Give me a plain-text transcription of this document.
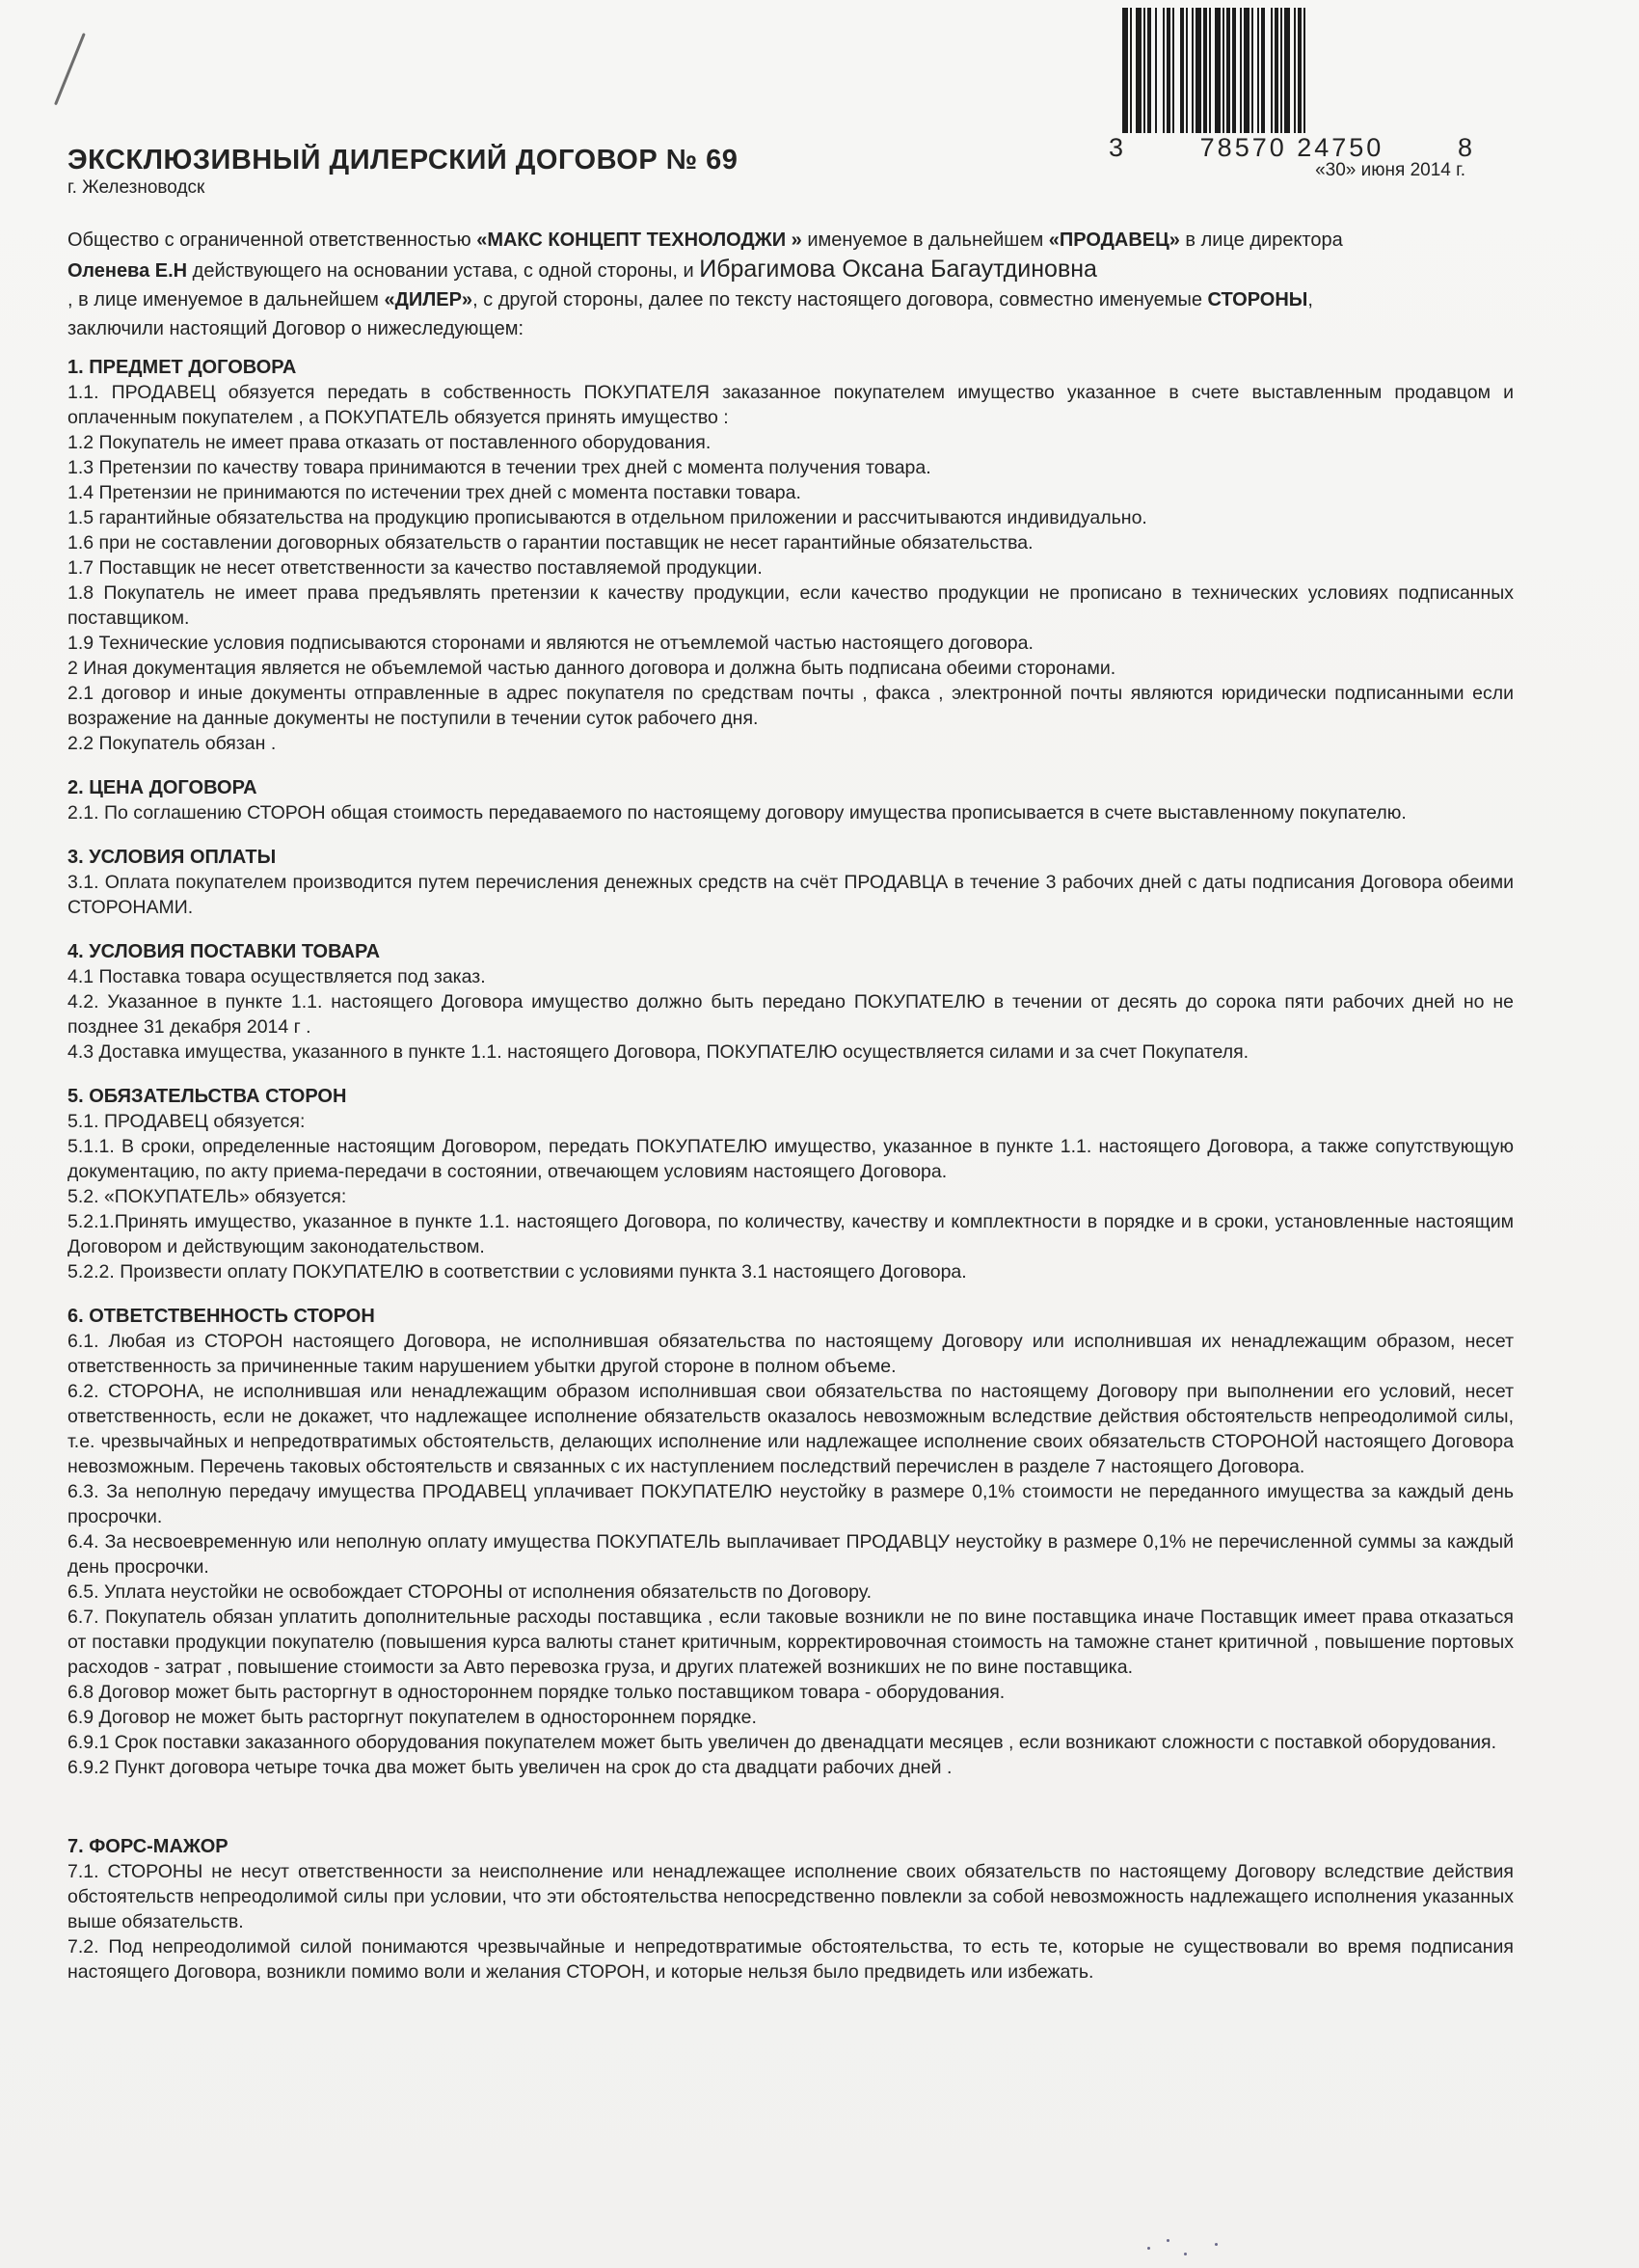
3	78570 24750	8
ЭКСКЛЮЗИВНЫЙ ДИЛЕРСКИЙ ДОГОВОР № 69
г. Железноводск
«30» июня 2014 г.
Общество с ограниченной ответственностью «МАКС КОНЦЕПТ ТЕХНОЛОДЖИ » именуемое в дальнейшем «ПРОДАВЕЦ» в лице директора
Оленева Е.Н действующего на основании устава, с одной стороны, и Ибрагимова Оксана Багаутдиновна
, в лице именуемое в дальнейшем «ДИЛЕР», с другой стороны, далее по тексту настоящего договора, совместно именуемые СТОРОНЫ,
заключили настоящий Договор о нижеследующем:
1. ПРЕДМЕТ ДОГОВОРА

1.1. ПРОДАВЕЦ обязуется передать в собственность ПОКУПАТЕЛЯ заказанное покупателем имущество указанное в счете выставленным продавцом и оплаченным покупателем , а ПОКУПАТЕЛЬ обязуется принять имущество :

1.2 Покупатель не имеет права отказать от поставленного оборудования.

1.3 Претензии по качеству товара принимаются в течении трех дней с момента получения товара.

1.4 Претензии не принимаются по истечении трех дней с момента поставки товара.

1.5 гарантийные обязательства на продукцию прописываются в отдельном приложении и рассчитываются индивидуально.

1.6 при не составлении договорных обязательств о гарантии поставщик не несет гарантийные обязательства.

1.7 Поставщик не несет ответственности за качество поставляемой продукции.

1.8 Покупатель не имеет права предъявлять претензии к качеству продукции, если качество продукции не прописано в технических условиях подписанных поставщиком.

1.9 Технические условия подписываются сторонами и являются не отъемлемой частью настоящего договора.

2 Иная документация является не объемлемой частью данного договора и должна быть подписана обеими сторонами.

2.1 договор и иные документы отправленные в адрес покупателя по средствам почты , факса , электронной почты являются юридически подписанными если возражение на данные документы не поступили в течении суток рабочего дня.

2.2 Покупатель обязан .

2. ЦЕНА ДОГОВОРА

2.1. По соглашению СТОРОН общая стоимость передаваемого по настоящему договору имущества прописывается в счете выставленному покупателю.

3. УСЛОВИЯ ОПЛАТЫ

3.1. Оплата покупателем производится путем перечисления денежных средств на счёт ПРОДАВЦА в течение 3 рабочих дней с даты подписания Договора обеими СТОРОНАМИ.

4. УСЛОВИЯ ПОСТАВКИ ТОВАРА

4.1 Поставка товара осуществляется под заказ.

4.2. Указанное в пункте 1.1. настоящего Договора имущество должно быть передано ПОКУПАТЕЛЮ в течении от десять до сорока пяти рабочих дней но не позднее 31 декабря 2014 г .

4.3 Доставка имущества, указанного в пункте 1.1. настоящего Договора, ПОКУПАТЕЛЮ осуществляется силами и за счет Покупателя.

5. ОБЯЗАТЕЛЬСТВА СТОРОН

5.1. ПРОДАВЕЦ обязуется:

5.1.1. В сроки, определенные настоящим Договором, передать ПОКУПАТЕЛЮ имущество, указанное в пункте 1.1. настоящего Договора, а также сопутствующую документацию, по акту приема-передачи в состоянии, отвечающем условиям настоящего Договора.

5.2. «ПОКУПАТЕЛЬ» обязуется:

5.2.1.Принять имущество, указанное в пункте 1.1. настоящего Договора, по количеству, качеству и комплектности в порядке и в сроки, установленные настоящим Договором и действующим законодательством.

5.2.2. Произвести оплату ПОКУПАТЕЛЮ в соответствии с условиями пункта 3.1 настоящего Договора.

6. ОТВЕТСТВЕННОСТЬ СТОРОН

6.1. Любая из СТОРОН настоящего Договора, не исполнившая обязательства по настоящему Договору или исполнившая их ненадлежащим образом, несет ответственность за причиненные таким нарушением убытки другой стороне в полном объеме.

6.2. СТОРОНА, не исполнившая или ненадлежащим образом исполнившая свои обязательства по настоящему Договору при выполнении его условий, несет ответственность, если не докажет, что надлежащее исполнение обязательств оказалось невозможным вследствие действия обстоятельств непреодолимой силы, т.е. чрезвычайных и непредотвратимых обстоятельств, делающих исполнение или надлежащее исполнение своих обязательств СТОРОНОЙ настоящего Договора невозможным. Перечень таковых обстоятельств и связанных с их наступлением последствий перечислен в разделе 7 настоящего Договора.

6.3. За неполную передачу имущества ПРОДАВЕЦ уплачивает ПОКУПАТЕЛЮ неустойку в размере 0,1% стоимости не переданного имущества за каждый день просрочки.

6.4. За несвоевременную или неполную оплату имущества ПОКУПАТЕЛЬ выплачивает ПРОДАВЦУ неустойку в размере 0,1% не перечисленной суммы за каждый день просрочки.

6.5. Уплата неустойки не освобождает СТОРОНЫ от исполнения обязательств по Договору.

6.7. Покупатель обязан уплатить дополнительные расходы поставщика , если таковые возникли не по вине поставщика иначе Поставщик имеет права отказаться от поставки продукции покупателю (повышения курса валюты станет критичным, корректировочная стоимость на таможне станет критичной , повышение портовых расходов - затрат , повышение стоимости за Авто перевозка груза, и других платежей возникших не по вине поставщика.

6.8 Договор может быть расторгнут в одностороннем порядке только поставщиком товара - оборудования.

6.9 Договор не может быть расторгнут покупателем в одностороннем порядке.

6.9.1 Срок поставки заказанного оборудования покупателем может быть увеличен до двенадцати месяцев , если возникают сложности с поставкой оборудования.

6.9.2 Пункт договора четыре точка два может быть увеличен на срок до ста двадцати рабочих дней .

7. ФОРС-МАЖОР

7.1. СТОРОНЫ не несут ответственности за неисполнение или ненадлежащее исполнение своих обязательств по настоящему Договору вследствие действия обстоятельств непреодолимой силы при условии, что эти обстоятельства непосредственно повлекли за собой невозможность надлежащего исполнения указанных выше обязательств.

7.2. Под непреодолимой силой понимаются чрезвычайные и непредотвратимые обстоятельства, то есть те, которые не существовали во время подписания настоящего Договора, возникли помимо воли и желания СТОРОН, и которые нельзя было предвидеть или избежать.
